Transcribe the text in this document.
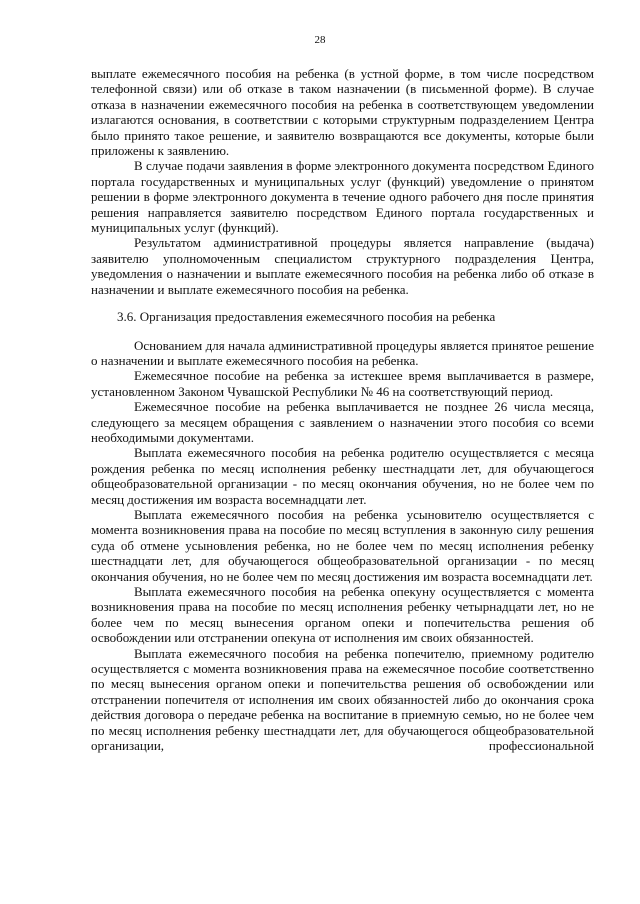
28

выплате ежемесячного пособия на ребенка (в устной форме, в том числе посредством телефонной связи) или об отказе в таком назначении (в письменной форме). В случае отказа в назначении ежемесячного пособия на ребенка в соответствующем уведомлении излагаются основания, в соответствии с которыми структурным подразделением Центра было принято такое решение, и заявителю возвращаются все документы, которые были приложены к заявлению.

В случае подачи заявления в форме электронного документа посредством Единого портала государственных и муниципальных услуг (функций) уведомление о принятом решении в форме электронного документа в течение одного рабочего дня после принятия решения направляется заявителю посредством Единого портала государственных и муниципальных услуг (функций).

Результатом административной процедуры является направление (выдача) заявителю уполномоченным специалистом структурного подразделения Центра, уведомления о назначении и выплате ежемесячного пособия на ребенка либо об отказе в назначении и выплате ежемесячного пособия на ребенка.

3.6. Организация предоставления ежемесячного пособия на ребенка

Основанием для начала административной процедуры является принятое решение о назначении и выплате ежемесячного пособия на ребенка.

Ежемесячное пособие на ребенка за истекшее время выплачивается в размере, установленном Законом Чувашской Республики № 46 на соответствующий период.

Ежемесячное пособие на ребенка выплачивается не позднее 26 числа месяца, следующего за месяцем обращения с заявлением о назначении этого пособия со всеми необходимыми документами.

Выплата ежемесячного пособия на ребенка родителю осуществляется с месяца рождения ребенка по месяц исполнения ребенку шестнадцати лет, для обучающегося общеобразовательной организации - по месяц окончания обучения, но не более чем по месяц достижения им возраста восемнадцати лет.

Выплата ежемесячного пособия на ребенка усыновителю осуществляется с момента возникновения права на пособие по месяц вступления в законную силу решения суда об отмене усыновления ребенка, но не более чем по месяц исполнения ребенку шестнадцати лет, для обучающегося общеобразовательной организации - по месяц окончания обучения, но не более чем по месяц достижения им возраста восемнадцати лет.

Выплата ежемесячного пособия на ребенка опекуну осуществляется с момента возникновения права на пособие по месяц исполнения ребенку четырнадцати лет, но не более чем по месяц вынесения органом опеки и попечительства решения об освобождении или отстранении опекуна от исполнения им своих обязанностей.

Выплата ежемесячного пособия на ребенка попечителю, приемному родителю осуществляется с момента возникновения права на ежемесячное пособие соответственно по месяц вынесения органом опеки и попечительства решения об освобождении или отстранении попечителя от исполнения им своих обязанностей либо до окончания срока действия договора о передаче ребенка на воспитание в приемную семью, но не более чем по месяц исполнения ребенку шестнадцати лет, для обучающегося общеобразовательной организации, профессиональной
